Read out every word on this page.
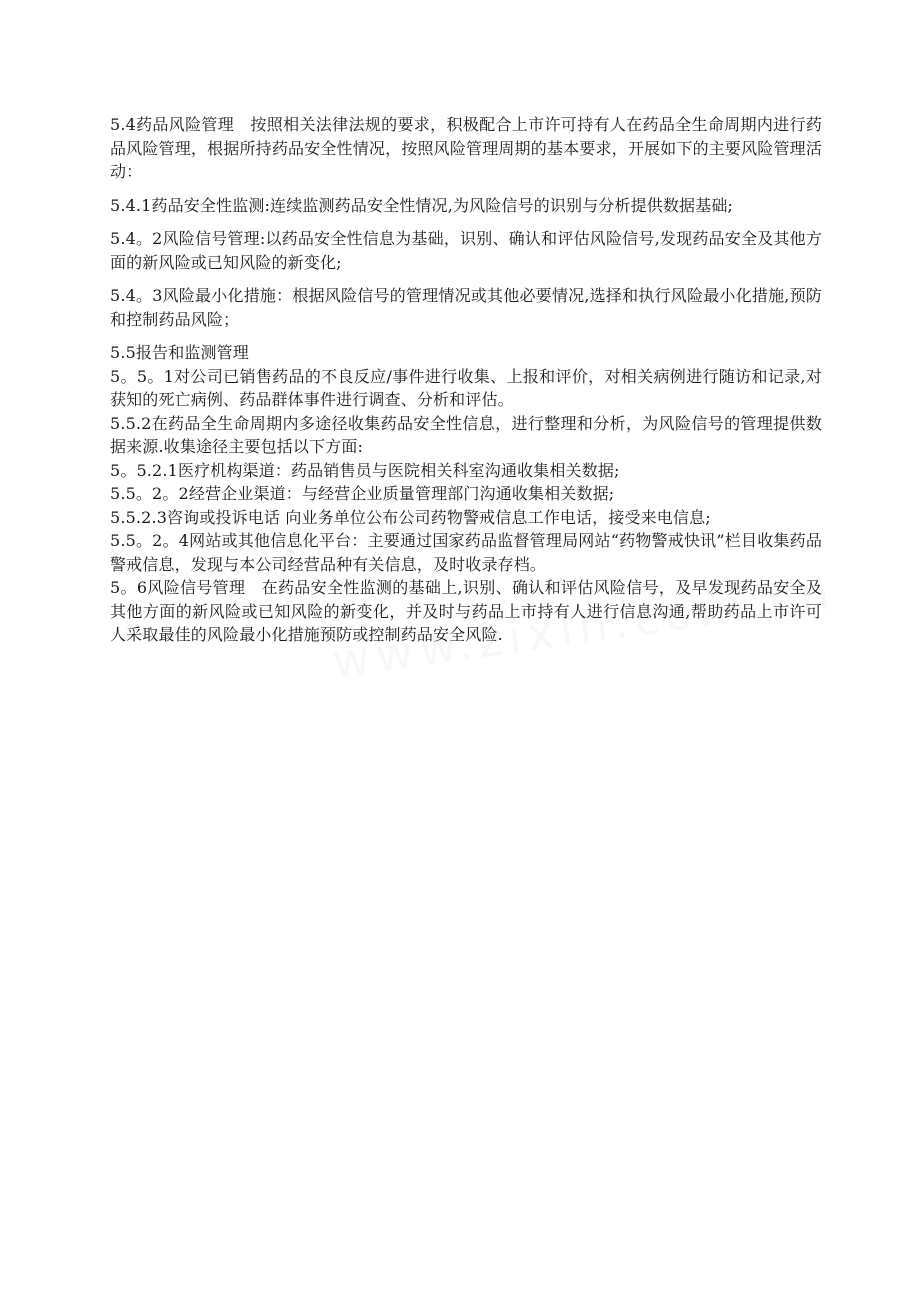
5.4药品风险管理　按照相关法律法规的要求，积极配合上市许可持有人在药品全生命周期内进行药品风险管理，根据所持药品安全性情况，按照风险管理周期的基本要求，开展如下的主要风险管理活动：

5.4.1药品安全性监测:连续监测药品安全性情况,为风险信号的识别与分析提供数据基础;

5.4。2风险信号管理:以药品安全性信息为基础，识别、确认和评估风险信号,发现药品安全及其他方面的新风险或已知风险的新变化;

5.4。3风险最小化措施：根据风险信号的管理情况或其他必要情况,选择和执行风险最小化措施,预防和控制药品风险；

5.5报告和监测管理

5。5。1对公司已销售药品的不良反应/事件进行收集、上报和评价，对相关病例进行随访和记录,对获知的死亡病例、药品群体事件进行调查、分析和评估。

5.5.2在药品全生命周期内多途径收集药品安全性信息，进行整理和分析，为风险信号的管理提供数据来源.收集途径主要包括以下方面:

5。5.2.1医疗机构渠道：药品销售员与医院相关科室沟通收集相关数据;

5.5。2。2经营企业渠道：与经营企业质量管理部门沟通收集相关数据;

5.5.2.3咨询或投诉电话 向业务单位公布公司药物警戒信息工作电话，接受来电信息;

5.5。2。4网站或其他信息化平台：主要通过国家药品监督管理局网站“药物警戒快讯”栏目收集药品警戒信息，发现与本公司经营品种有关信息，及时收录存档。

5。6风险信号管理　在药品安全性监测的基础上,识别、确认和评估风险信号，及早发现药品安全及其他方面的新风险或已知风险的新变化，并及时与药品上市持有人进行信息沟通,帮助药品上市许可人采取最佳的风险最小化措施预防或控制药品安全风险.
